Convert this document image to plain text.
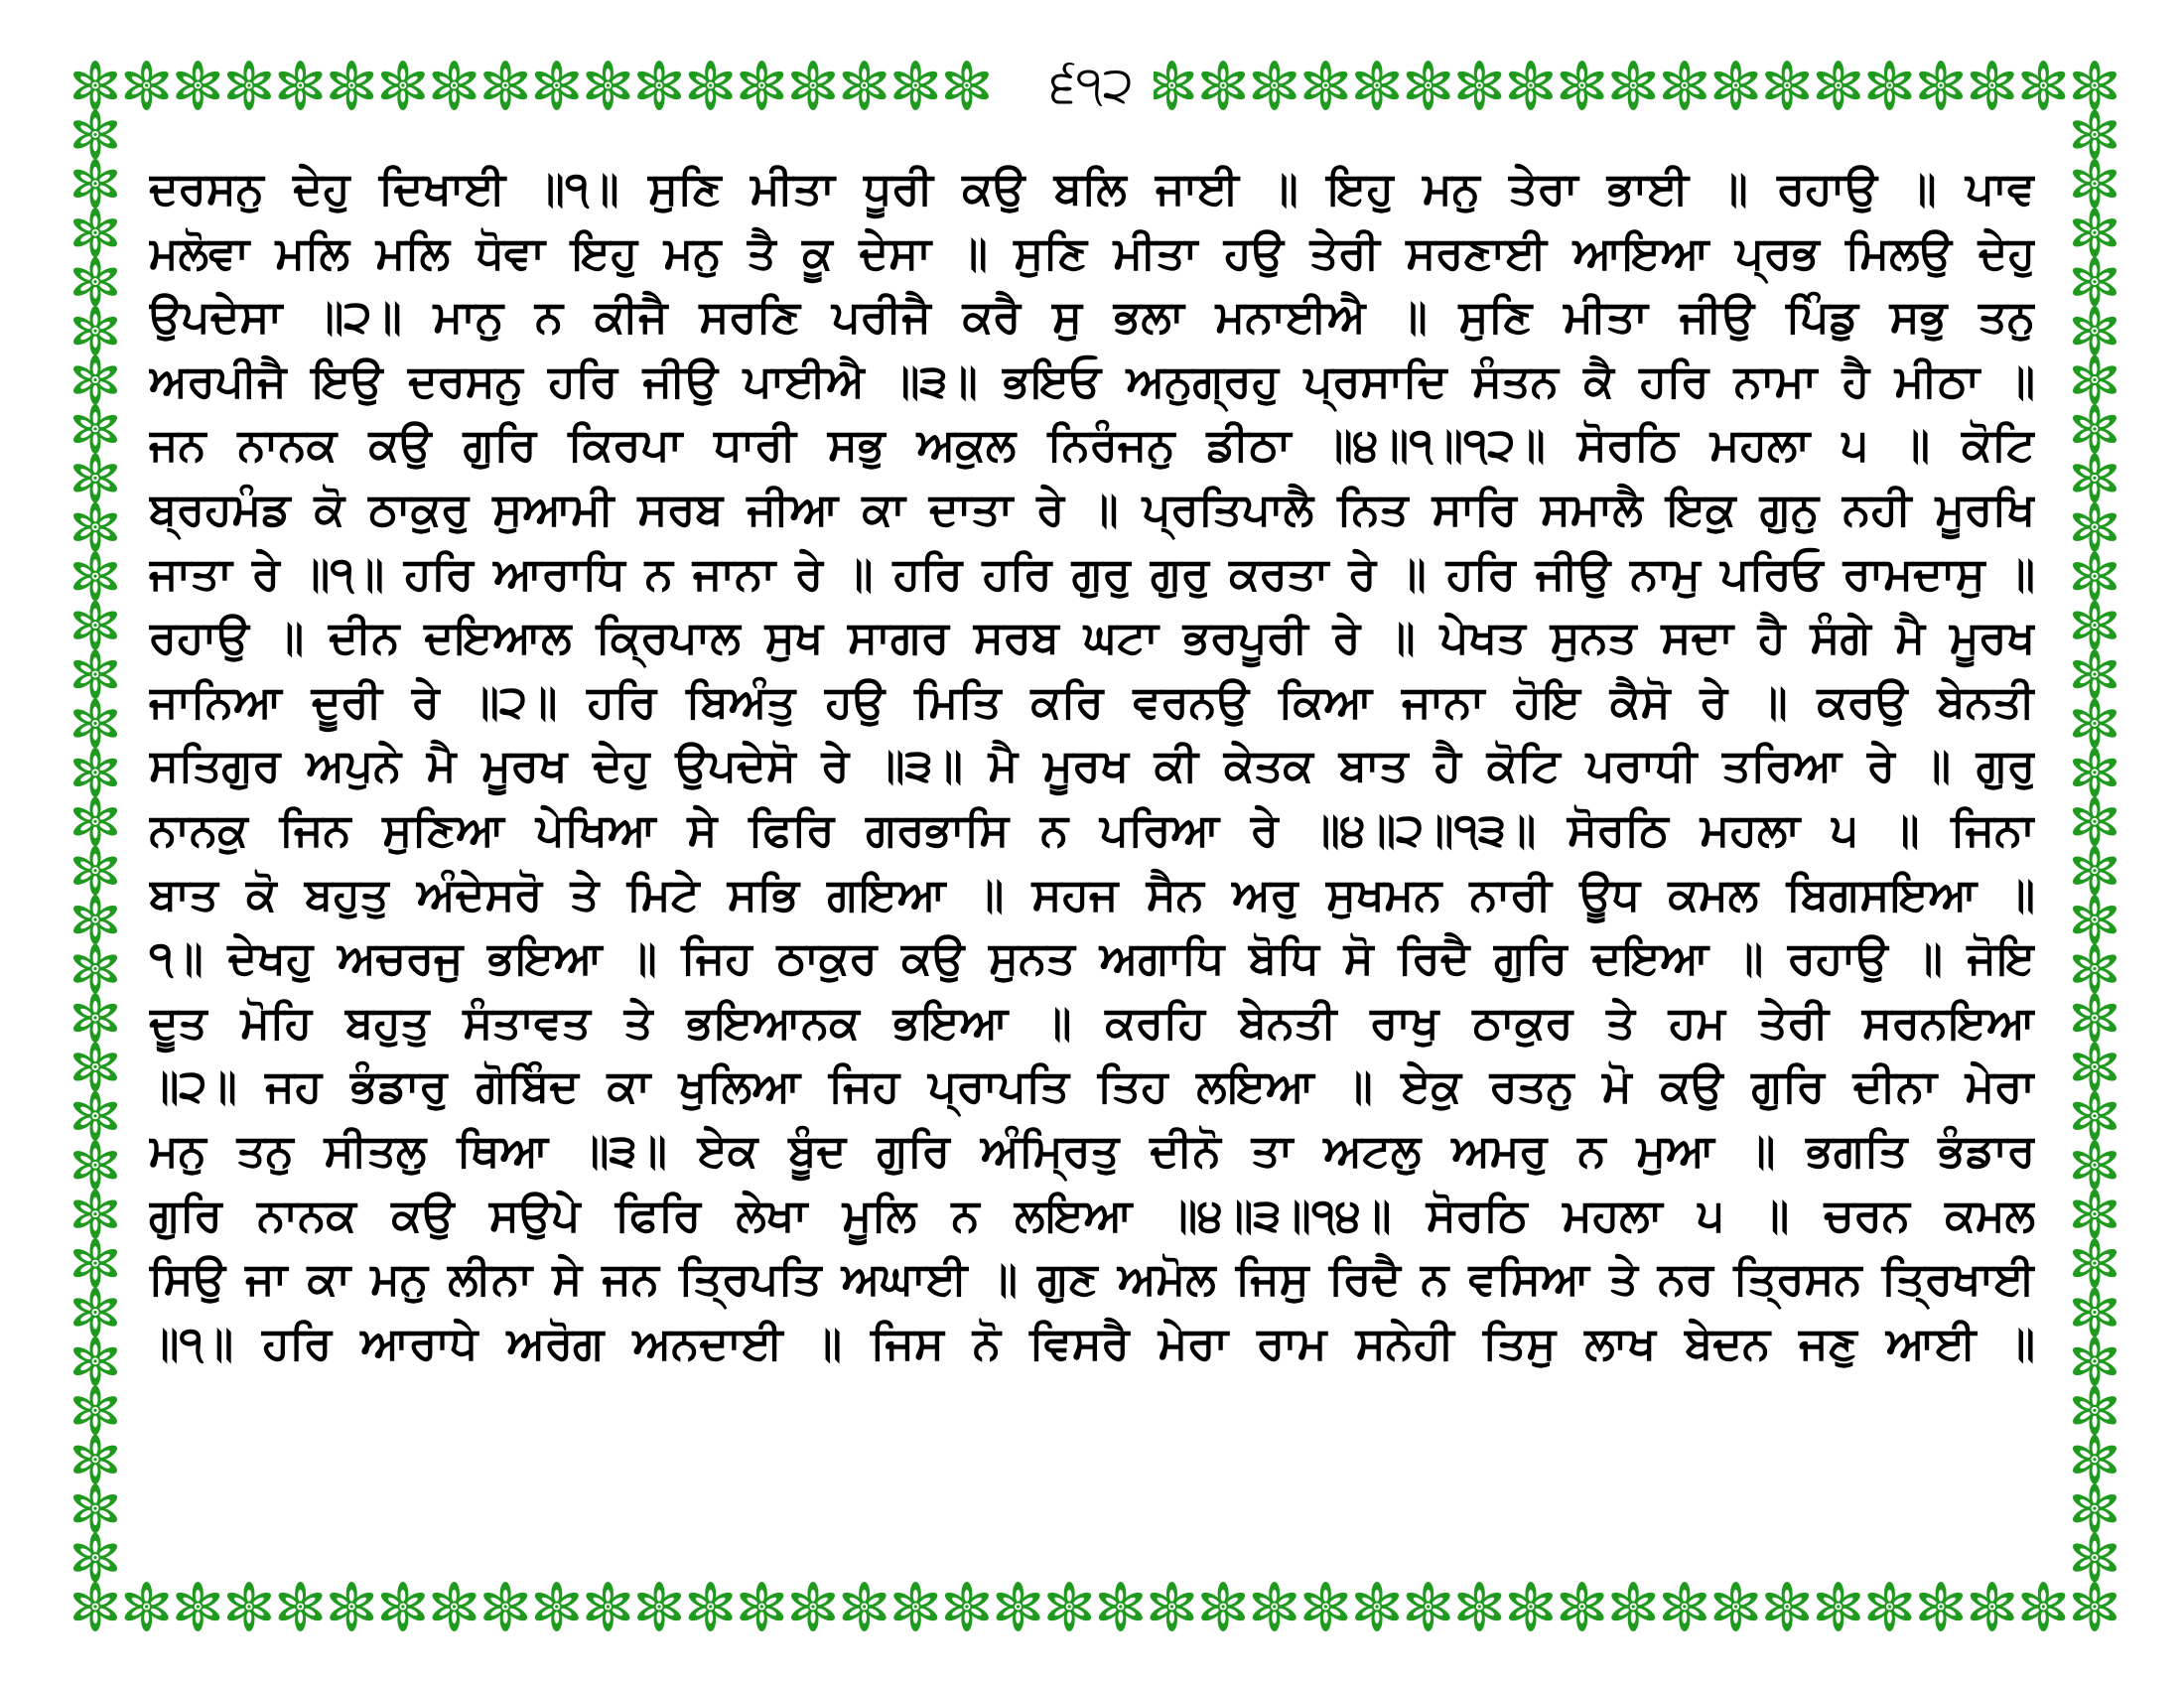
੬੧੨
ਦਰਸਨੁ ਦੇਹੁ ਦਿਖਾਈ ॥੧॥ ਸੁਣਿ ਮੀਤਾ ਧੂਰੀ ਕਉ ਬਲਿ ਜਾਈ ॥ ਇਹੁ ਮਨੁ ਤੇਰਾ ਭਾਈ ॥ ਰਹਾਉ ॥ ਪਾਵ
ਮਲੋਵਾ ਮਲਿ ਮਲਿ ਧੋਵਾ ਇਹੁ ਮਨੁ ਤੈ ਕੂ ਦੇਸਾ ॥ ਸੁਣਿ ਮੀਤਾ ਹਉ ਤੇਰੀ ਸਰਣਾਈ ਆਇਆ ਪ੍ਰਭ ਮਿਲਉ ਦੇਹੁ
ਉਪਦੇਸਾ ॥੨॥ ਮਾਨੁ ਨ ਕੀਜੈ ਸਰਣਿ ਪਰੀਜੈ ਕਰੈ ਸੁ ਭਲਾ ਮਨਾਈਐ ॥ ਸੁਣਿ ਮੀਤਾ ਜੀਉ ਪਿੰਡੁ ਸਭੁ ਤਨੁ
ਅਰਪੀਜੈ ਇਉ ਦਰਸਨੁ ਹਰਿ ਜੀਉ ਪਾਈਐ ॥੩॥ ਭਇਓ ਅਨੁਗ੍ਰਹੁ ਪ੍ਰਸਾਦਿ ਸੰਤਨ ਕੈ ਹਰਿ ਨਾਮਾ ਹੈ ਮੀਠਾ ॥
ਜਨ ਨਾਨਕ ਕਉ ਗੁਰਿ ਕਿਰਪਾ ਧਾਰੀ ਸਭੁ ਅਕੁਲ ਨਿਰੰਜਨੁ ਡੀਠਾ ॥੪॥੧॥੧੨॥ ਸੋਰਠਿ ਮਹਲਾ ੫ ॥ ਕੋਟਿ
ਬ੍ਰਹਮੰਡ ਕੋ ਠਾਕੁਰੁ ਸੁਆਮੀ ਸਰਬ ਜੀਆ ਕਾ ਦਾਤਾ ਰੇ ॥ ਪ੍ਰਤਿਪਾਲੈ ਨਿਤ ਸਾਰਿ ਸਮਾਲੈ ਇਕੁ ਗੁਨੁ ਨਹੀ ਮੂਰਖਿ
ਜਾਤਾ ਰੇ ॥੧॥ ਹਰਿ ਆਰਾਧਿ ਨ ਜਾਨਾ ਰੇ ॥ ਹਰਿ ਹਰਿ ਗੁਰੁ ਗੁਰੁ ਕਰਤਾ ਰੇ ॥ ਹਰਿ ਜੀਉ ਨਾਮੁ ਪਰਿਓ ਰਾਮਦਾਸੁ ॥
ਰਹਾਉ ॥ ਦੀਨ ਦਇਆਲ ਕ੍ਰਿਪਾਲ ਸੁਖ ਸਾਗਰ ਸਰਬ ਘਟਾ ਭਰਪੂਰੀ ਰੇ ॥ ਪੇਖਤ ਸੁਨਤ ਸਦਾ ਹੈ ਸੰਗੇ ਮੈ ਮੂਰਖ
ਜਾਨਿਆ ਦੂਰੀ ਰੇ ॥੨॥ ਹਰਿ ਬਿਅੰਤੁ ਹਉ ਮਿਤਿ ਕਰਿ ਵਰਨਉ ਕਿਆ ਜਾਨਾ ਹੋਇ ਕੈਸੋ ਰੇ ॥ ਕਰਉ ਬੇਨਤੀ
ਸਤਿਗੁਰ ਅਪੁਨੇ ਮੈ ਮੂਰਖ ਦੇਹੁ ਉਪਦੇਸੋ ਰੇ ॥੩॥ ਮੈ ਮੂਰਖ ਕੀ ਕੇਤਕ ਬਾਤ ਹੈ ਕੋਟਿ ਪਰਾਧੀ ਤਰਿਆ ਰੇ ॥ ਗੁਰੁ
ਨਾਨਕੁ ਜਿਨ ਸੁਣਿਆ ਪੇਖਿਆ ਸੇ ਫਿਰਿ ਗਰਭਾਸਿ ਨ ਪਰਿਆ ਰੇ ॥੪॥੨॥੧੩॥ ਸੋਰਠਿ ਮਹਲਾ ੫ ॥ ਜਿਨਾ
ਬਾਤ ਕੋ ਬਹੁਤੁ ਅੰਦੇਸਰੋ ਤੇ ਮਿਟੇ ਸਭਿ ਗਇਆ ॥ ਸਹਜ ਸੈਨ ਅਰੁ ਸੁਖਮਨ ਨਾਰੀ ਊਧ ਕਮਲ ਬਿਗਸਇਆ ॥
੧॥ ਦੇਖਹੁ ਅਚਰਜੁ ਭਇਆ ॥ ਜਿਹ ਠਾਕੁਰ ਕਉ ਸੁਨਤ ਅਗਾਧਿ ਬੋਧਿ ਸੋ ਰਿਦੈ ਗੁਰਿ ਦਇਆ ॥ ਰਹਾਉ ॥ ਜੋਇ
ਦੂਤ ਮੋਹਿ ਬਹੁਤੁ ਸੰਤਾਵਤ ਤੇ ਭਇਆਨਕ ਭਇਆ ॥ ਕਰਹਿ ਬੇਨਤੀ ਰਾਖੁ ਠਾਕੁਰ ਤੇ ਹਮ ਤੇਰੀ ਸਰਨਇਆ
॥੨॥ ਜਹ ਭੰਡਾਰੁ ਗੋਬਿੰਦ ਕਾ ਖੁਲਿਆ ਜਿਹ ਪ੍ਰਾਪਤਿ ਤਿਹ ਲਇਆ ॥ ਏਕੁ ਰਤਨੁ ਮੋ ਕਉ ਗੁਰਿ ਦੀਨਾ ਮੇਰਾ
ਮਨੁ ਤਨੁ ਸੀਤਲੁ ਥਿਆ ॥੩॥ ਏਕ ਬੂੰਦ ਗੁਰਿ ਅੰਮ੍ਰਿਤੁ ਦੀਨੋ ਤਾ ਅਟਲੁ ਅਮਰੁ ਨ ਮੁਆ ॥ ਭਗਤਿ ਭੰਡਾਰ
ਗੁਰਿ ਨਾਨਕ ਕਉ ਸਉਪੇ ਫਿਰਿ ਲੇਖਾ ਮੂਲਿ ਨ ਲਇਆ ॥੪॥੩॥੧੪॥ ਸੋਰਠਿ ਮਹਲਾ ੫ ॥ ਚਰਨ ਕਮਲ
ਸਿਉ ਜਾ ਕਾ ਮਨੁ ਲੀਨਾ ਸੇ ਜਨ ਤ੍ਰਿਪਤਿ ਅਘਾਈ ॥ ਗੁਣ ਅਮੋਲ ਜਿਸੁ ਰਿਦੈ ਨ ਵਸਿਆ ਤੇ ਨਰ ਤ੍ਰਿਸਨ ਤ੍ਰਿਖਾਈ
॥੧॥ ਹਰਿ ਆਰਾਧੇ ਅਰੋਗ ਅਨਦਾਈ ॥ ਜਿਸ ਨੋ ਵਿਸਰੈ ਮੇਰਾ ਰਾਮ ਸਨੇਹੀ ਤਿਸੁ ਲਾਖ ਬੇਦਨ ਜਣੁ ਆਈ ॥
